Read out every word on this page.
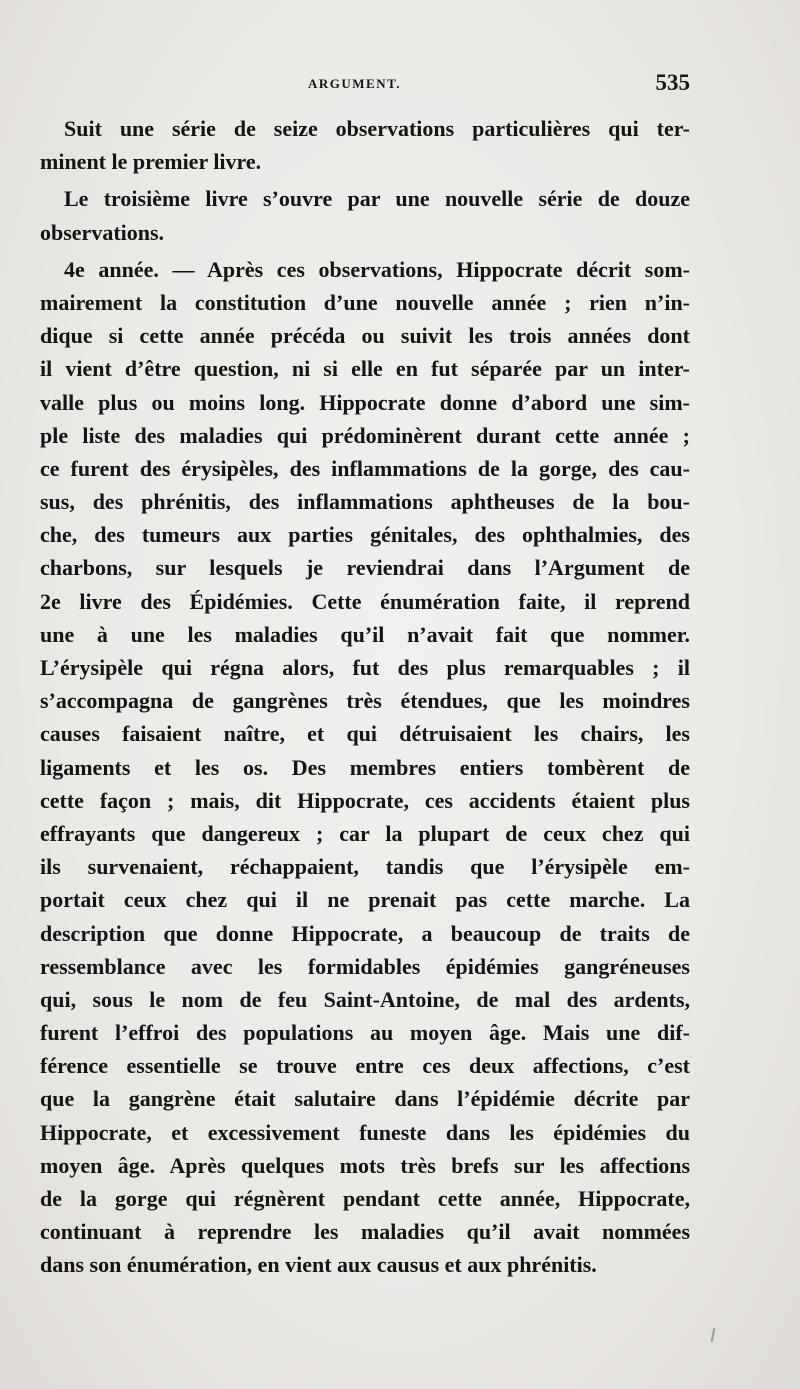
ARGUMENT.	535
Suit une série de seize observations particulières qui ter-
minent le premier livre.
Le troisième livre s’ouvre par une nouvelle série de douze
observations.
4e année. — Après ces observations, Hippocrate décrit som-
mairement la constitution d’une nouvelle année ; rien n’in-
dique si cette année précéda ou suivit les trois années dont
il vient d’être question, ni si elle en fut séparée par un inter-
valle plus ou moins long. Hippocrate donne d’abord une sim-
ple liste des maladies qui prédominèrent durant cette année ;
ce furent des érysipèles, des inflammations de la gorge, des cau-
sus, des phrénitis, des inflammations aphtheuses de la bou-
che, des tumeurs aux parties génitales, des ophthalmies, des
charbons, sur lesquels je reviendrai dans l’Argument de
2e livre des Épidémies. Cette énumération faite, il reprend
une à une les maladies qu’il n’avait fait que nommer.
L’érysipèle qui régna alors, fut des plus remarquables ; il
s’accompagna de gangrènes très étendues, que les moindres
causes faisaient naître, et qui détruisaient les chairs, les
ligaments et les os. Des membres entiers tombèrent de
cette façon ; mais, dit Hippocrate, ces accidents étaient plus
effrayants que dangereux ; car la plupart de ceux chez qui
ils survenaient, réchappaient, tandis que l’érysipèle em-
portait ceux chez qui il ne prenait pas cette marche. La
description que donne Hippocrate, a beaucoup de traits de
ressemblance avec les formidables épidémies gangréneuses
qui, sous le nom de feu Saint-Antoine, de mal des ardents,
furent l’effroi des populations au moyen âge. Mais une dif-
férence essentielle se trouve entre ces deux affections, c’est
que la gangrène était salutaire dans l’épidémie décrite par
Hippocrate, et excessivement funeste dans les épidémies du
moyen âge. Après quelques mots très brefs sur les affections
de la gorge qui régnèrent pendant cette année, Hippocrate,
continuant à reprendre les maladies qu’il avait nommées
dans son énumération, en vient aux causus et aux phrénitis.
